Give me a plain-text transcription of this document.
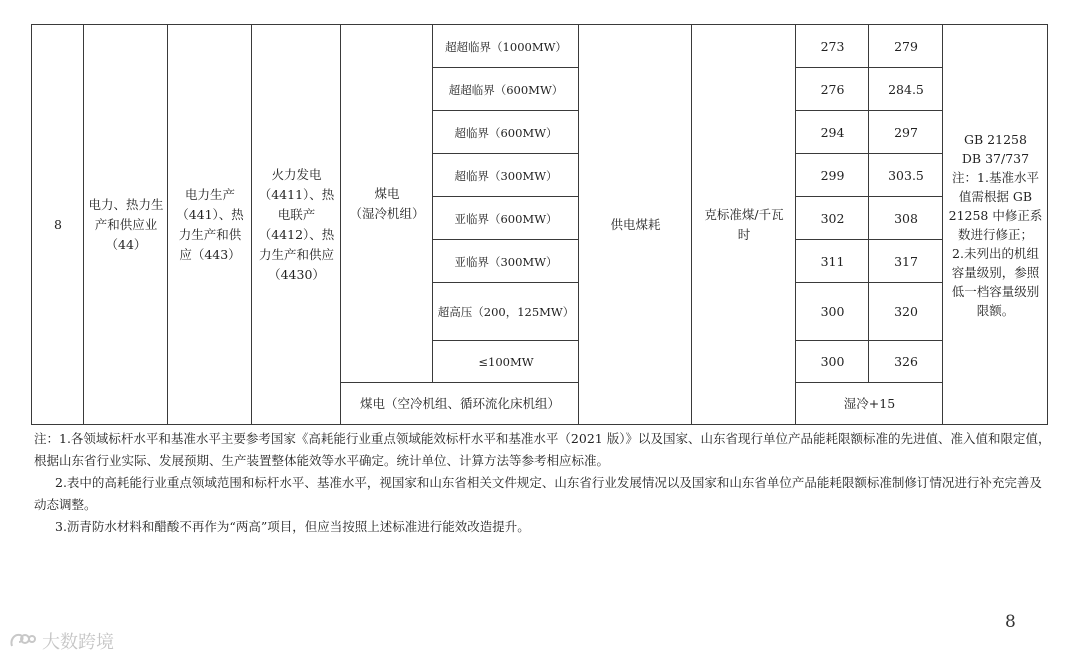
8
电力、热力生
产和供应业
（44）
电力生产
（441）、热
力生产和供
应（443）
火力发电
（4411）、热
电联产
（4412）、热
力生产和供应
（4430）
煤电
（湿冷机组）
煤电（空冷机组、循环流化床机组）
供电煤耗
克标准煤/千瓦
时
GB 21258
DB 37/737
注：1.基准水平
值需根据 GB
21258 中修正系
数进行修正；
2.未列出的机组
容量级别，参照
低一档容量级别
限额。
超超临界（1000MW）
超超临界（600MW）
超临界（600MW）
超临界（300MW）
亚临界（600MW）
亚临界（300MW）
超高压（200，125MW）
≤100MW
273
276
294
299
302
311
300
300
279
284.5
297
303.5
308
317
320
326
湿冷+15

注：1.各领域标杆水平和基准水平主要参考国家《高耗能行业重点领域能效标杆水平和基准水平（2021 版）》以及国家、山东省现行单位产品能耗限额标准的先进值、准入值和限定值，根据山东省行业实际、发展预期、生产装置整体能效等水平确定。统计单位、计算方法等参考相应标准。

2.表中的高耗能行业重点领域范围和标杆水平、基准水平，视国家和山东省相关文件规定、山东省行业发展情况以及国家和山东省单位产品能耗限额标准制修订情况进行补充完善及动态调整。

3.沥青防水材料和醋酸不再作为“两高”项目，但应当按照上述标准进行能效改造提升。

8
大数跨境
